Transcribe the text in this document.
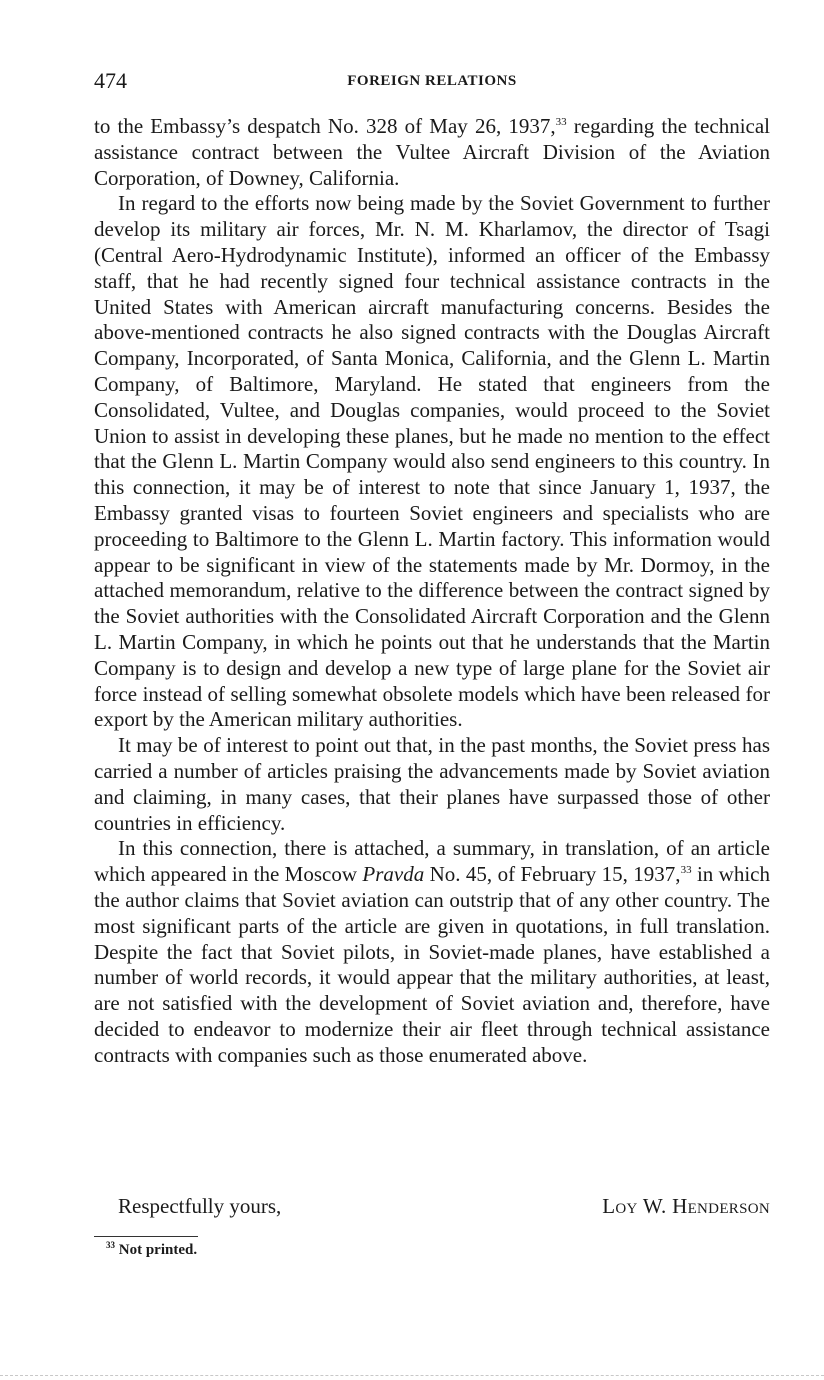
474	FOREIGN RELATIONS

to the Embassy’s despatch No. 328 of May 26, 1937,33 regarding the technical assistance contract between the Vultee Aircraft Division of the Aviation Corporation, of Downey, California.

In regard to the efforts now being made by the Soviet Government to further develop its military air forces, Mr. N. M. Kharlamov, the director of Tsagi (Central Aero-Hydrodynamic Institute), informed an officer of the Embassy staff, that he had recently signed four technical assistance contracts in the United States with American aircraft manufacturing concerns. Besides the above-mentioned contracts he also signed contracts with the Douglas Aircraft Company, Incorporated, of Santa Monica, California, and the Glenn L. Martin Company, of Baltimore, Maryland. He stated that engineers from the Consolidated, Vultee, and Douglas companies, would proceed to the Soviet Union to assist in developing these planes, but he made no mention to the effect that the Glenn L. Martin Company would also send engineers to this country. In this connection, it may be of interest to note that since January 1, 1937, the Embassy granted visas to fourteen Soviet engineers and specialists who are proceeding to Baltimore to the Glenn L. Martin factory. This information would appear to be significant in view of the statements made by Mr. Dormoy, in the attached memorandum, relative to the difference between the contract signed by the Soviet authorities with the Consolidated Aircraft Corporation and the Glenn L. Martin Company, in which he points out that he understands that the Martin Company is to design and develop a new type of large plane for the Soviet air force instead of selling somewhat obsolete models which have been released for export by the American military authorities.

It may be of interest to point out that, in the past months, the Soviet press has carried a number of articles praising the advancements made by Soviet aviation and claiming, in many cases, that their planes have surpassed those of other countries in efficiency.

In this connection, there is attached, a summary, in translation, of an article which appeared in the Moscow Pravda No. 45, of February 15, 1937,33 in which the author claims that Soviet aviation can outstrip that of any other country. The most significant parts of the article are given in quotations, in full translation. Despite the fact that Soviet pilots, in Soviet-made planes, have established a number of world records, it would appear that the military authorities, at least, are not satisfied with the development of Soviet aviation and, therefore, have decided to endeavor to modernize their air fleet through technical assistance contracts with companies such as those enumerated above.

Respectfully yours,	Loy W. Henderson
$^{33}$ Not printed.
